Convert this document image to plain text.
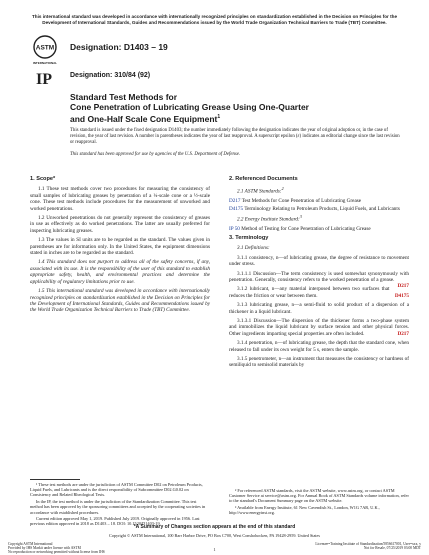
This international standard was developed in accordance with internationally recognized principles on standardization established in the Decision on Principles for the Development of International Standards, Guides and Recommendations issued by the World Trade Organization Technical Barriers to Trade (TBT) Committee.
ASTM
INTERNATIONAL
IP
Designation: D1403 – 19
Designation: 310/84 (92)
Standard Test Methods for
Cone Penetration of Lubricating Grease Using One-Quarter
and One-Half Scale Cone Equipment$^1$
This standard is issued under the fixed designation D1403; the number immediately following the designation indicates the year of original adoption or, in the case of revision, the year of last revision. A number in parentheses indicates the year of last reapproval. A superscript epsilon (ε) indicates an editorial change since the last revision or reapproval.
This standard has been approved for use by agencies of the U.S. Department of Defense.
1. Scope*
1.1 These test methods cover two procedures for measuring the consistency of small samples of lubricating greases by penetration of a ¼-scale cone or a ½-scale cone. These test methods include procedures for the measurement of unworked and worked penetrations.
1.2 Unworked penetrations do not generally represent the consistency of greases in use as effectively as do worked penetrations. The latter are usually preferred for inspecting lubricating greases.
1.3 The values in SI units are to be regarded as the standard. The values given in parentheses are for information only. In the United States, the equipment dimensions stated in inches are to be regarded as the standard.
1.4 This standard does not purport to address all of the safety concerns, if any, associated with its use. It is the responsibility of the user of this standard to establish appropriate safety, health, and environmental practices and determine the applicability of regulatory limitations prior to use.
1.5 This international standard was developed in accordance with internationally recognized principles on standardization established in the Decision on Principles for the Development of International Standards, Guides and Recommendations issued by the World Trade Organization Technical Barriers to Trade (TBT) Committee.
2. Referenced Documents
2.1 ASTM Standards:$^2$
D217 Test Methods for Cone Penetration of Lubricating Grease
D4175 Terminology Relating to Petroleum Products, Liquid Fuels, and Lubricants
2.2 Energy Institute Standard:$^3$
IP 50 Method of Testing for Cone Penetration of Lubricating Grease
3. Terminology
3.1 Definitions:
3.1.1 consistency, n—of lubricating grease, the degree of resistance to movement under stress.
3.1.1.1 Discussion—The term consistency is used somewhat synonymously with penetration. Generally, consistency refers to the worked penetration of a grease.
D217
3.1.2 lubricant, n—any material interposed between two surfaces that reduces the friction or wear between them.	D4175
3.1.3 lubricating grease, n—a semi-fluid to solid product of a dispersion of a thickener in a liquid lubricant.
3.1.3.1 Discussion—The dispersion of the thickener forms a two-phase system and immobilizes the liquid lubricant by surface tension and other physical forces. Other ingredients imparting special properties are often included.	D217
3.1.4 penetration, n—of lubricating grease, the depth that the standard cone, when released to fall under its own weight for 5 s, enters the sample.
3.1.5 penetrometer, n—an instrument that measures the consistency or hardness of semiliquid to semisolid materials by
¹ These test methods are under the jurisdiction of ASTM Committee D02 on Petroleum Products, Liquid Fuels, and Lubricants and is the direct responsibility of Subcommittee D02.G0.02 on Consistency and Related Rheological Tests.
In the IP, the test method is under the jurisdiction of the Standardization Committee. This test method has been approved by the sponsoring committees and accepted by the cooperating societies in accordance with established procedures.
Current edition approved May 1, 2019. Published July 2019. Originally approved in 1956. Last previous edition approved in 2018 as D1403 – 18. DOI: 10.1520/D1403-19.
² For referenced ASTM standards, visit the ASTM website, www.astm.org, or contact ASTM Customer Service at service@astm.org. For Annual Book of ASTM Standards volume information, refer to the standard's Document Summary page on the ASTM website.
³ Available from Energy Institute, 61 New Cavendish St., London, W1G 7AR, U.K., http://www.energyinst.org.
*A Summary of Changes section appears at the end of this standard
Copyright © ASTM International, 100 Barr Harbor Drive, PO Box C700, West Conshohocken, PA 19428-2959. United States
Copyright ASTM International
Provided by IHS Markit under license with ASTM
No reproduction or networking permitted without license from IHS
1
Licensee=Training Institute of Standardization/5856617001, User=xxx, y
Not for Resale, 07/25/2019 03:00 MDT
